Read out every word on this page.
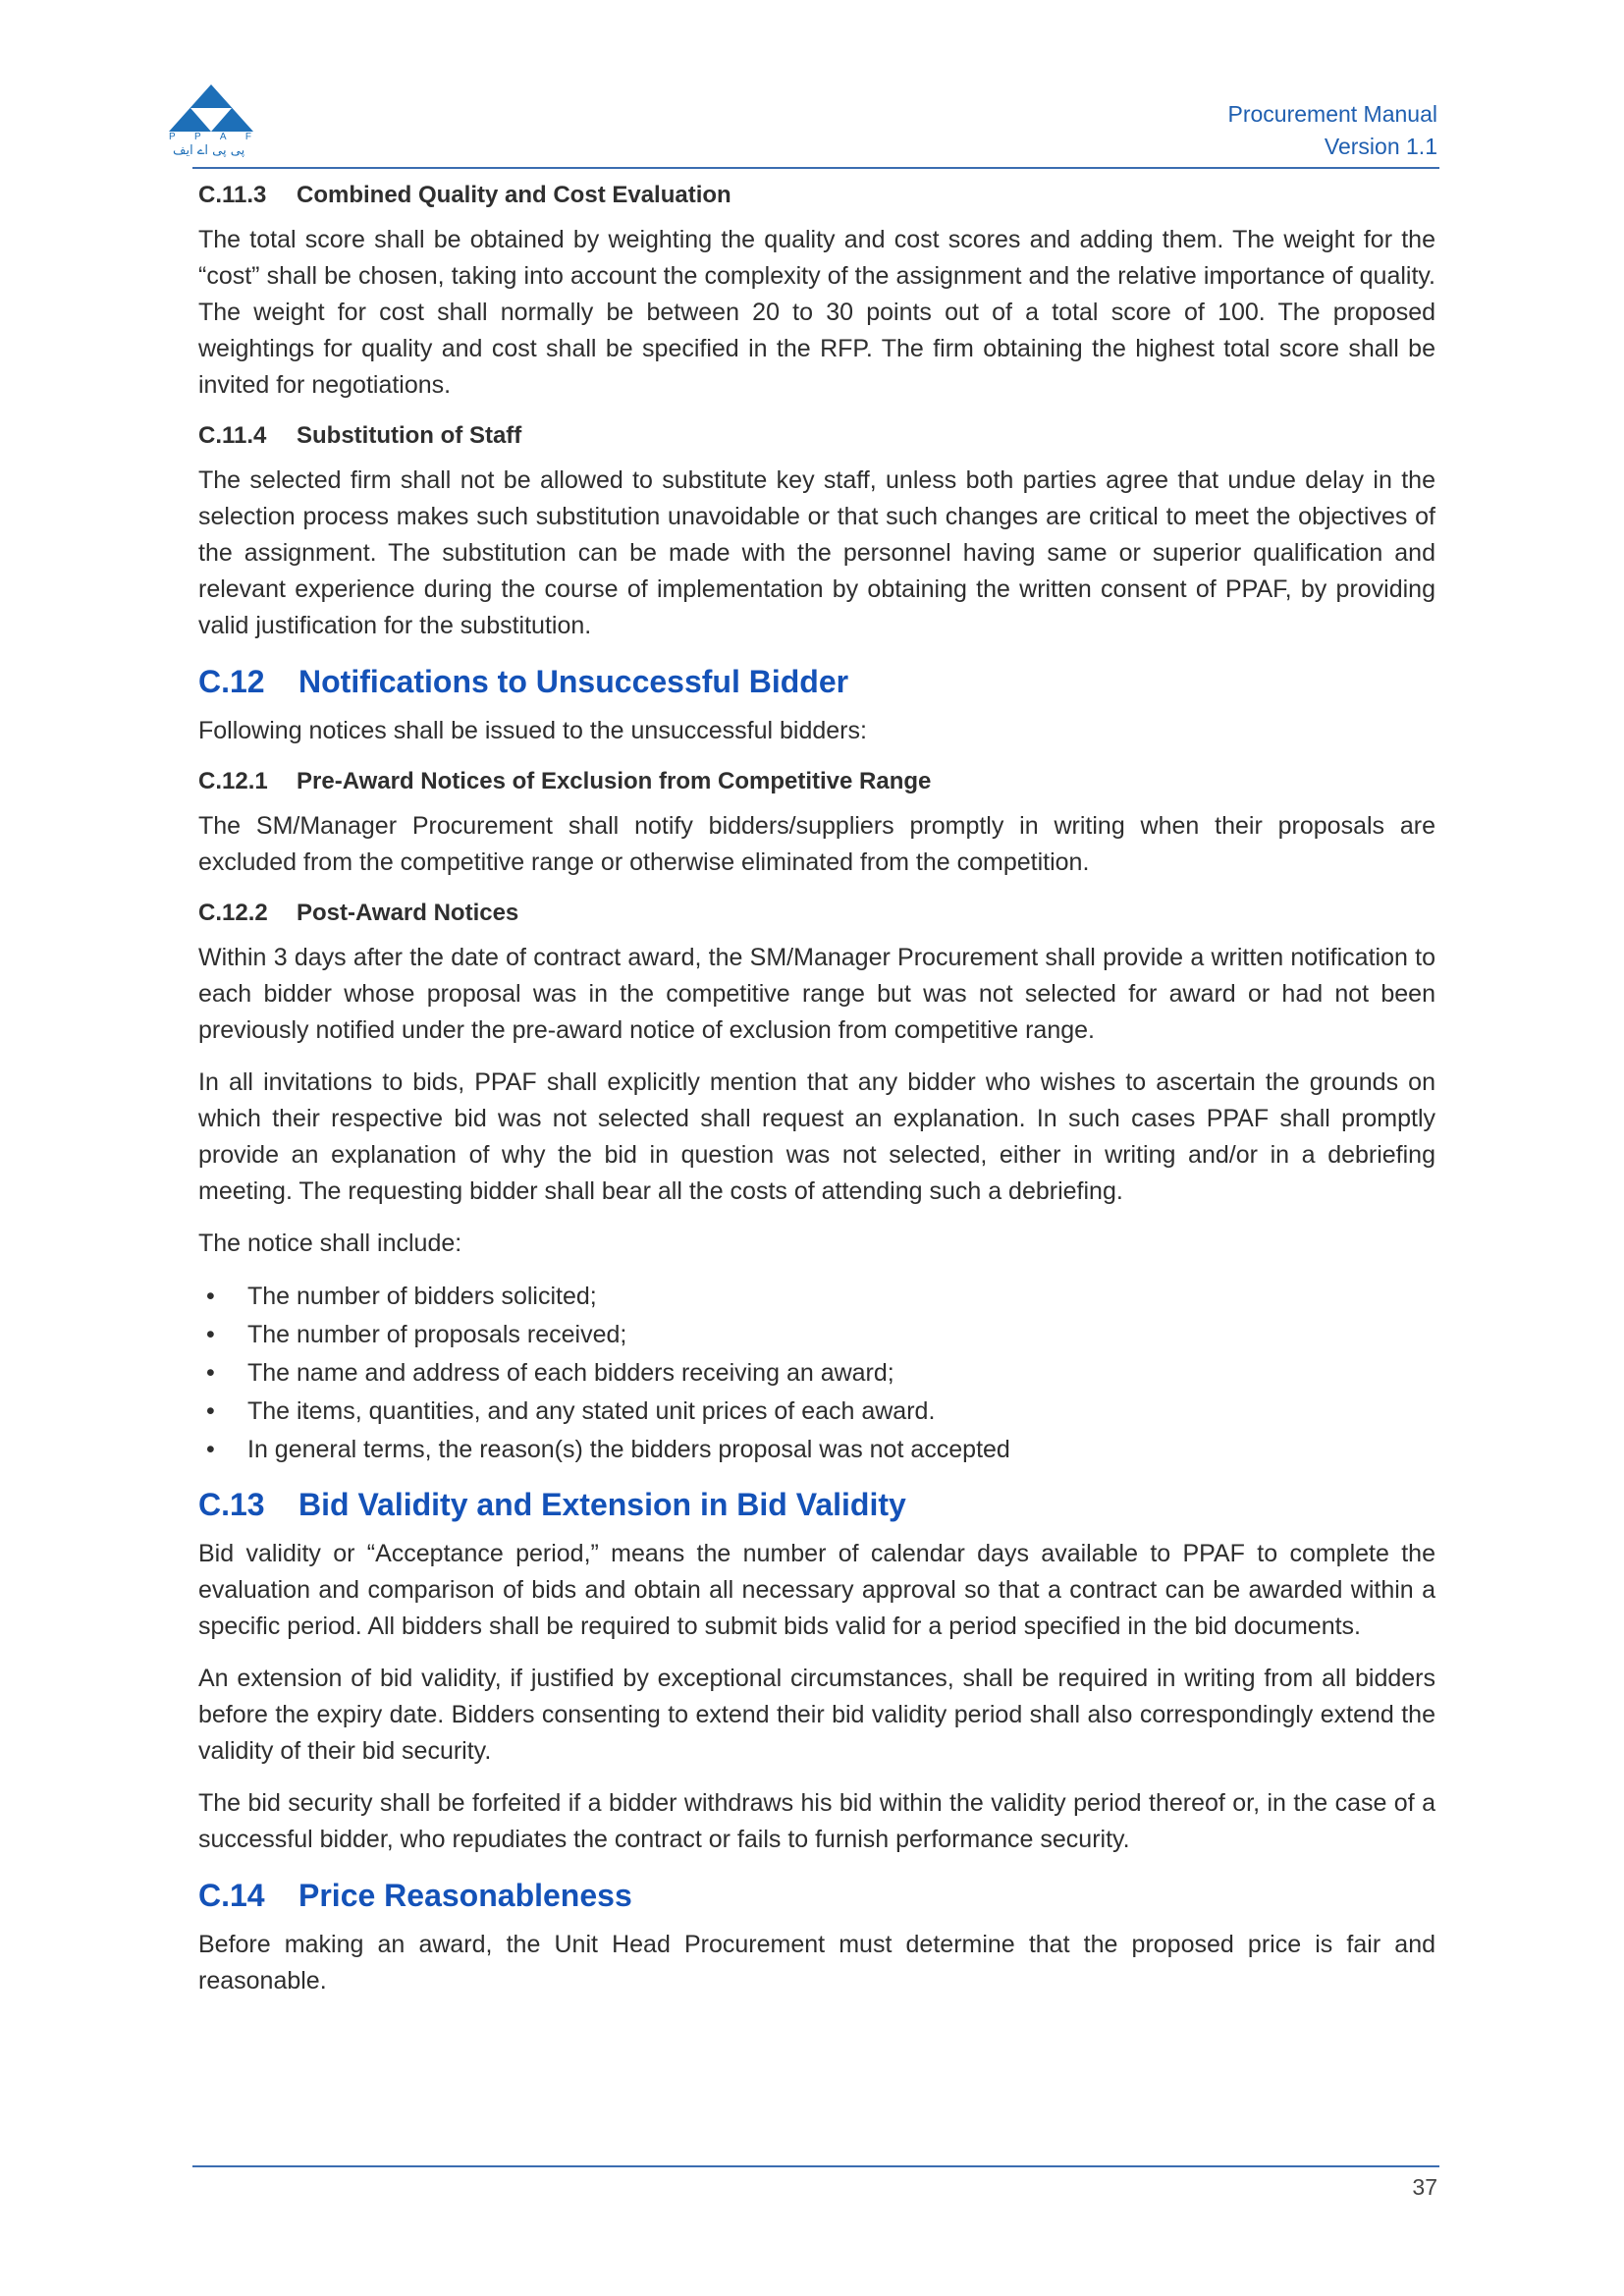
P P A F
پی پی اے ایف
Procurement Manual
Version 1.1
C.11.3 Combined Quality and Cost Evaluation

The total score shall be obtained by weighting the quality and cost scores and adding them. The weight for the “cost” shall be chosen, taking into account the complexity of the assignment and the relative importance of quality. The weight for cost shall normally be between 20 to 30 points out of a total score of 100. The proposed weightings for quality and cost shall be specified in the RFP. The firm obtaining the highest total score shall be invited for negotiations.

C.11.4 Substitution of Staff

The selected firm shall not be allowed to substitute key staff, unless both parties agree that undue delay in the selection process makes such substitution unavoidable or that such changes are critical to meet the objectives of the assignment. The substitution can be made with the personnel having same or superior qualification and relevant experience during the course of implementation by obtaining the written consent of PPAF, by providing valid justification for the substitution.

C.12 Notifications to Unsuccessful Bidder

Following notices shall be issued to the unsuccessful bidders:

C.12.1 Pre-Award Notices of Exclusion from Competitive Range

The SM/Manager Procurement shall notify bidders/suppliers promptly in writing when their proposals are excluded from the competitive range or otherwise eliminated from the competition.

C.12.2 Post-Award Notices

Within 3 days after the date of contract award, the SM/Manager Procurement shall provide a written notification to each bidder whose proposal was in the competitive range but was not selected for award or had not been previously notified under the pre-award notice of exclusion from competitive range.

In all invitations to bids, PPAF shall explicitly mention that any bidder who wishes to ascertain the grounds on which their respective bid was not selected shall request an explanation. In such cases PPAF shall promptly provide an explanation of why the bid in question was not selected, either in writing and/or in a debriefing meeting. The requesting bidder shall bear all the costs of attending such a debriefing.

The notice shall include:

• The number of bidders solicited;
• The number of proposals received;
• The name and address of each bidders receiving an award;
• The items, quantities, and any stated unit prices of each award.
• In general terms, the reason(s) the bidders proposal was not accepted
C.13 Bid Validity and Extension in Bid Validity

Bid validity or “Acceptance period,” means the number of calendar days available to PPAF to complete the evaluation and comparison of bids and obtain all necessary approval so that a contract can be awarded within a specific period. All bidders shall be required to submit bids valid for a period specified in the bid documents.

An extension of bid validity, if justified by exceptional circumstances, shall be required in writing from all bidders before the expiry date. Bidders consenting to extend their bid validity period shall also correspondingly extend the validity of their bid security.

The bid security shall be forfeited if a bidder withdraws his bid within the validity period thereof or, in the case of a successful bidder, who repudiates the contract or fails to furnish performance security.

C.14 Price Reasonableness

Before making an award, the Unit Head Procurement must determine that the proposed price is fair and reasonable.

37
